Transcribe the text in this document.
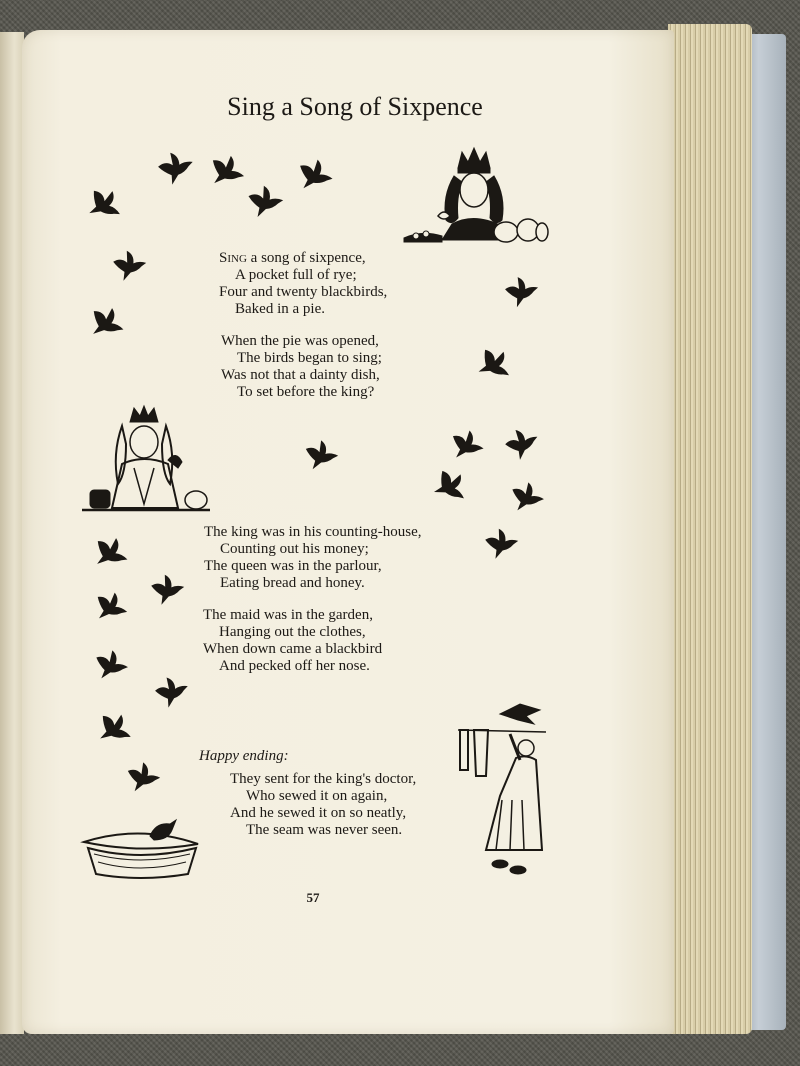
Sing a Song of Sixpence
Sing a song of sixpence,
A pocket full of rye;
Four and twenty blackbirds,
Baked in a pie.
When the pie was opened,
The birds began to sing;
Was not that a dainty dish,
To set before the king?
The king was in his counting-house,
Counting out his money;
The queen was in the parlour,
Eating bread and honey.
The maid was in the garden,
Hanging out the clothes,
When down came a blackbird
And pecked off her nose.
Happy ending:
They sent for the king's doctor,
Who sewed it on again,
And he sewed it on so neatly,
The seam was never seen.
57
